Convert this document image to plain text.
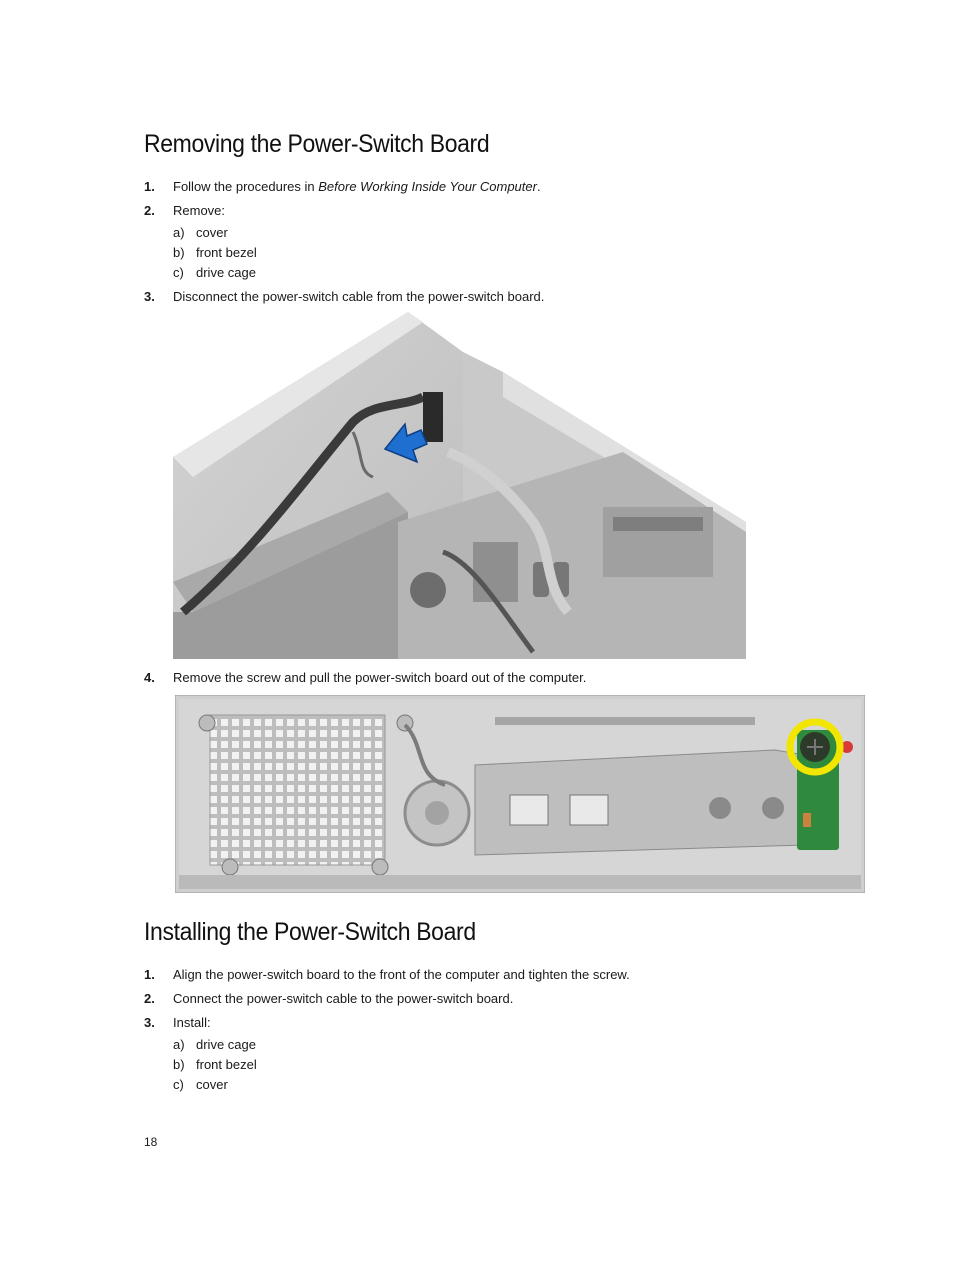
Removing the Power-Switch Board
1. Follow the procedures in Before Working Inside Your Computer.
2. Remove:
a) cover
b) front bezel
c) drive cage
3. Disconnect the power-switch cable from the power-switch board.
4. Remove the screw and pull the power-switch board out of the computer.
Installing the Power-Switch Board
1. Align the power-switch board to the front of the computer and tighten the screw.
2. Connect the power-switch cable to the power-switch board.
3. Install:
a) drive cage
b) front bezel
c) cover
18
